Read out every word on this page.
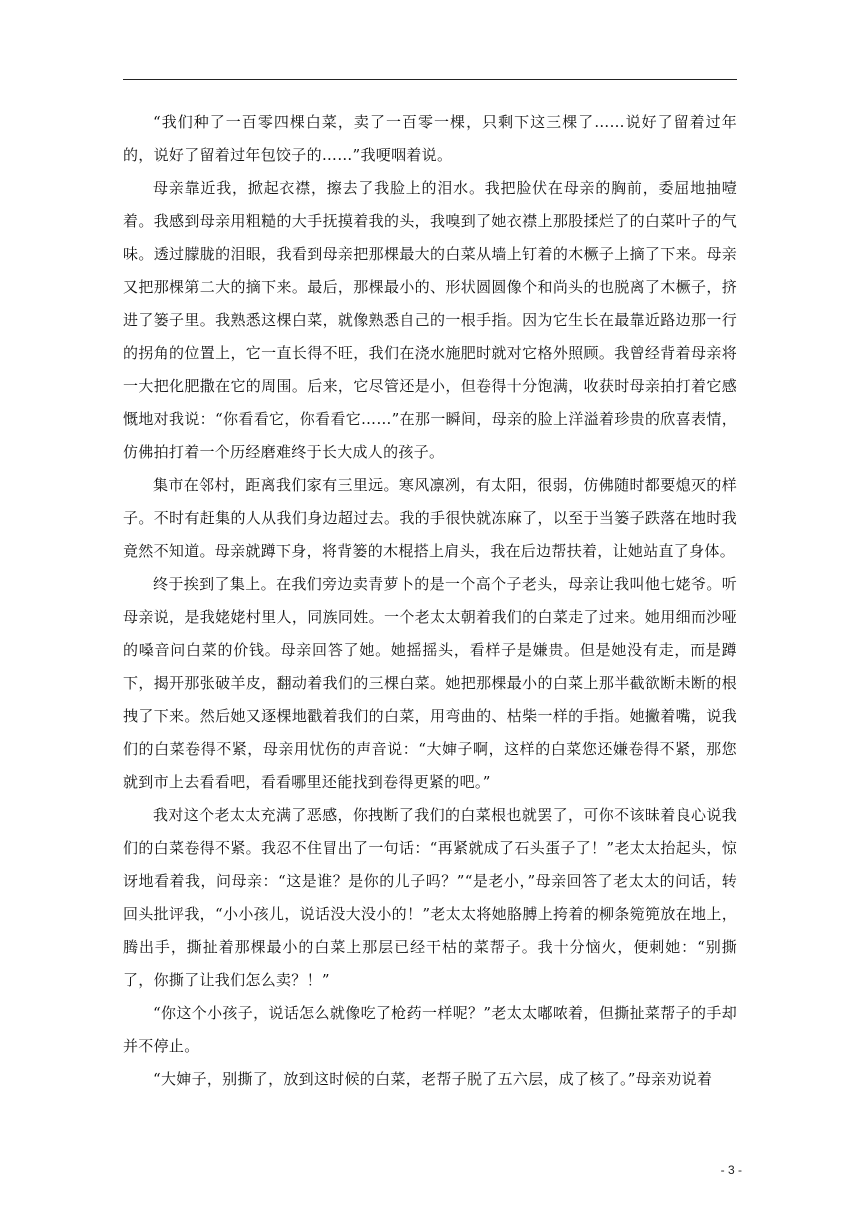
“我们种了一百零四棵白菜，卖了一百零一棵，只剩下这三棵了……说好了留着过年的，说好了留着过年包饺子的……”我哽咽着说。

母亲靠近我，掀起衣襟，擦去了我脸上的泪水。我把脸伏在母亲的胸前，委屈地抽噎着。我感到母亲用粗糙的大手抚摸着我的头，我嗅到了她衣襟上那股揉烂了的白菜叶子的气味。透过朦胧的泪眼，我看到母亲把那棵最大的白菜从墙上钉着的木橛子上摘了下来。母亲又把那棵第二大的摘下来。最后，那棵最小的、形状圆圆像个和尚头的也脱离了木橛子，挤进了篓子里。我熟悉这棵白菜，就像熟悉自己的一根手指。因为它生长在最靠近路边那一行的拐角的位置上，它一直长得不旺，我们在浇水施肥时就对它格外照顾。我曾经背着母亲将一大把化肥撒在它的周围。后来，它尽管还是小，但卷得十分饱满，收获时母亲拍打着它感慨地对我说：“你看看它，你看看它……”在那一瞬间，母亲的脸上洋溢着珍贵的欣喜表情，仿佛拍打着一个历经磨难终于长大成人的孩子。

集市在邻村，距离我们家有三里远。寒风凛冽，有太阳，很弱，仿佛随时都要熄灭的样子。不时有赶集的人从我们身边超过去。我的手很快就冻麻了，以至于当篓子跌落在地时我竟然不知道。母亲就蹲下身，将背篓的木棍搭上肩头，我在后边帮扶着，让她站直了身体。

终于挨到了集上。在我们旁边卖青萝卜的是一个高个子老头，母亲让我叫他七姥爷。听母亲说，是我姥姥村里人，同族同姓。一个老太太朝着我们的白菜走了过来。她用细而沙哑的嗓音问白菜的价钱。母亲回答了她。她摇摇头，看样子是嫌贵。但是她没有走，而是蹲下，揭开那张破羊皮，翻动着我们的三棵白菜。她把那棵最小的白菜上那半截欲断未断的根拽了下来。然后她又逐棵地戳着我们的白菜，用弯曲的、枯柴一样的手指。她撇着嘴，说我们的白菜卷得不紧，母亲用忧伤的声音说：“大婶子啊，这样的白菜您还嫌卷得不紧，那您就到市上去看看吧，看看哪里还能找到卷得更紧的吧。”

我对这个老太太充满了恶感，你拽断了我们的白菜根也就罢了，可你不该昧着良心说我们的白菜卷得不紧。我忍不住冒出了一句话：“再紧就成了石头蛋子了！”老太太抬起头，惊讶地看着我，问母亲：“这是谁？是你的儿子吗？”“是老小，”母亲回答了老太太的问话，转回头批评我，“小小孩儿，说话没大没小的！”老太太将她胳膊上挎着的柳条箢篼放在地上，腾出手，撕扯着那棵最小的白菜上那层已经干枯的菜帮子。我十分恼火，便刺她：“别撕了，你撕了让我们怎么卖？！”

“你这个小孩子，说话怎么就像吃了枪药一样呢？”老太太嘟哝着，但撕扯菜帮子的手却并不停止。

“大婶子，别撕了，放到这时候的白菜，老帮子脱了五六层，成了核了。”母亲劝说着

- 3 -
